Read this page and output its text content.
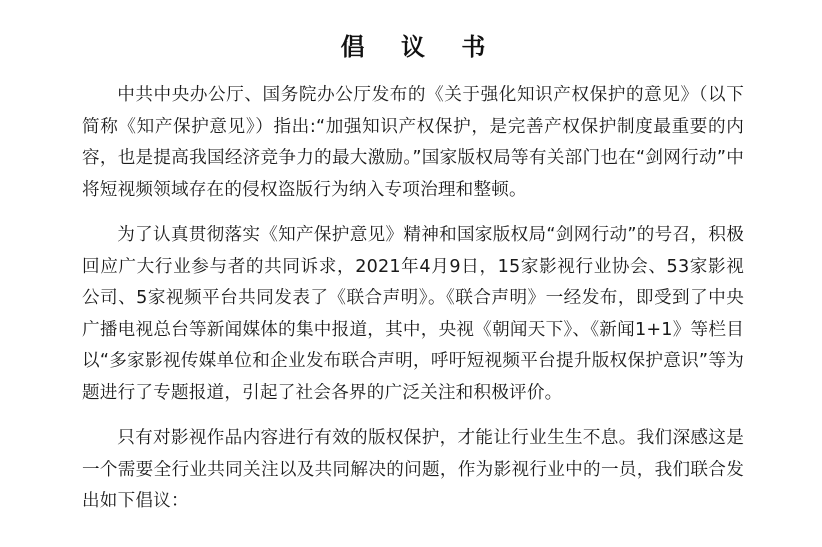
倡 议 书

中共中央办公厅、国务院办公厅发布的《关于强化知识产权保护的意见》（以下简称《知产保护意见》）指出:“加强知识产权保护，是完善产权保护制度最重要的内容，也是提高我国经济竞争力的最大激励。”国家版权局等有关部门也在“剑网行动”中将短视频领域存在的侵权盗版行为纳入专项治理和整顿。

为了认真贯彻落实《知产保护意见》精神和国家版权局“剑网行动”的号召，积极回应广大行业参与者的共同诉求，2021年4月9日，15家影视行业协会、53家影视公司、5家视频平台共同发表了《联合声明》。《联合声明》一经发布，即受到了中央广播电视总台等新闻媒体的集中报道，其中，央视《朝闻天下》、《新闻1+1》等栏目以“多家影视传媒单位和企业发布联合声明，呼吁短视频平台提升版权保护意识”等为题进行了专题报道，引起了社会各界的广泛关注和积极评价。

只有对影视作品内容进行有效的版权保护，才能让行业生生不息。我们深感这是一个需要全行业共同关注以及共同解决的问题，作为影视行业中的一员，我们联合发出如下倡议：
